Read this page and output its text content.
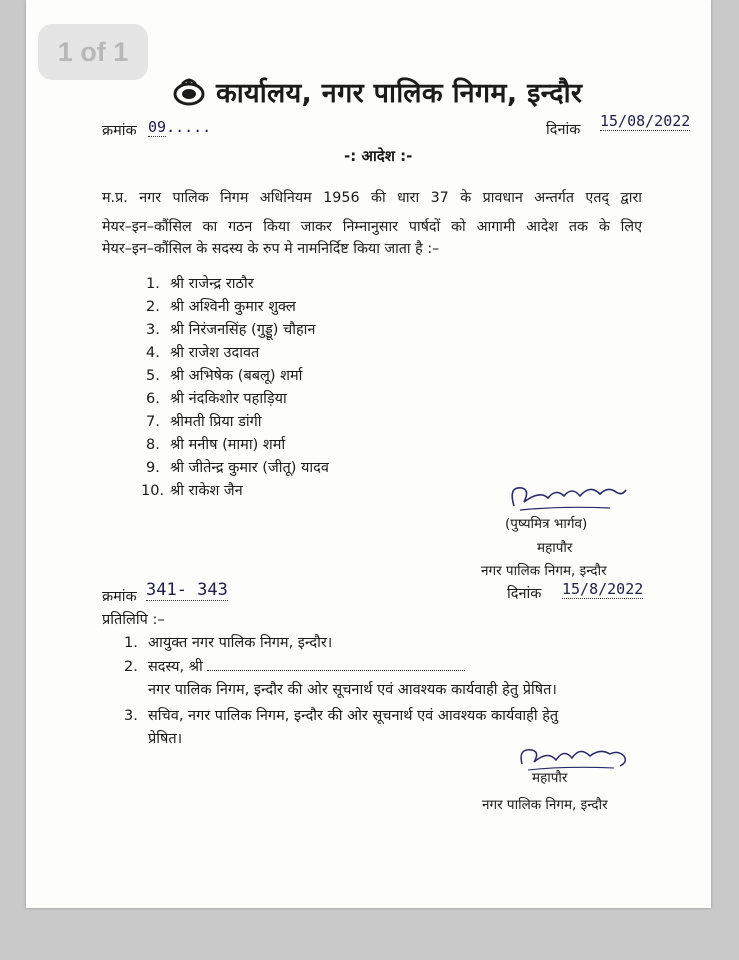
1 of 1
कार्यालय, नगर पालिक निगम, इन्दौर
क्रमांक 09.....	दिनांक 15/08/2022
-: आदेश :-
म.प्र. नगर पालिक निगम अधिनियम 1956 की धारा 37 के प्रावधान अन्तर्गत एतद् द्वारा
मेयर–इन–कौंसिल का गठन किया जाकर निम्नानुसार पार्षदों को आगामी आदेश तक के लिए
मेयर–इन–कौंसिल के सदस्य के रुप मे नामनिर्दिष्ट किया जाता है :–
1. श्री राजेन्द्र राठौर
2. श्री अश्विनी कुमार शुक्ल
3. श्री निरंजनसिंह (गुड्डू) चौहान
4. श्री राजेश उदावत
5. श्री अभिषेक (बबलू) शर्मा
6. श्री नंदकिशोर पहाड़िया
7. श्रीमती प्रिया डांगी
8. श्री मनीष (मामा) शर्मा
9. श्री जीतेन्द्र कुमार (जीतू) यादव
10. श्री राकेश जैन
(पुष्यमित्र भार्गव)
महापौर
नगर पालिक निगम, इन्दौर
क्रमांक 341- 343	दिनांक 15/8/2022
प्रतिलिपि :–
1. आयुक्त नगर पालिक निगम, इन्दौर।
2. सदस्य, श्री
नगर पालिक निगम, इन्दौर की ओर सूचनार्थ एवं आवश्यक कार्यवाही हेतु प्रेषित।
3. सचिव, नगर पालिक निगम, इन्दौर की ओर सूचनार्थ एवं आवश्यक कार्यवाही हेतु
प्रेषित।
महापौर
नगर पालिक निगम, इन्दौर
